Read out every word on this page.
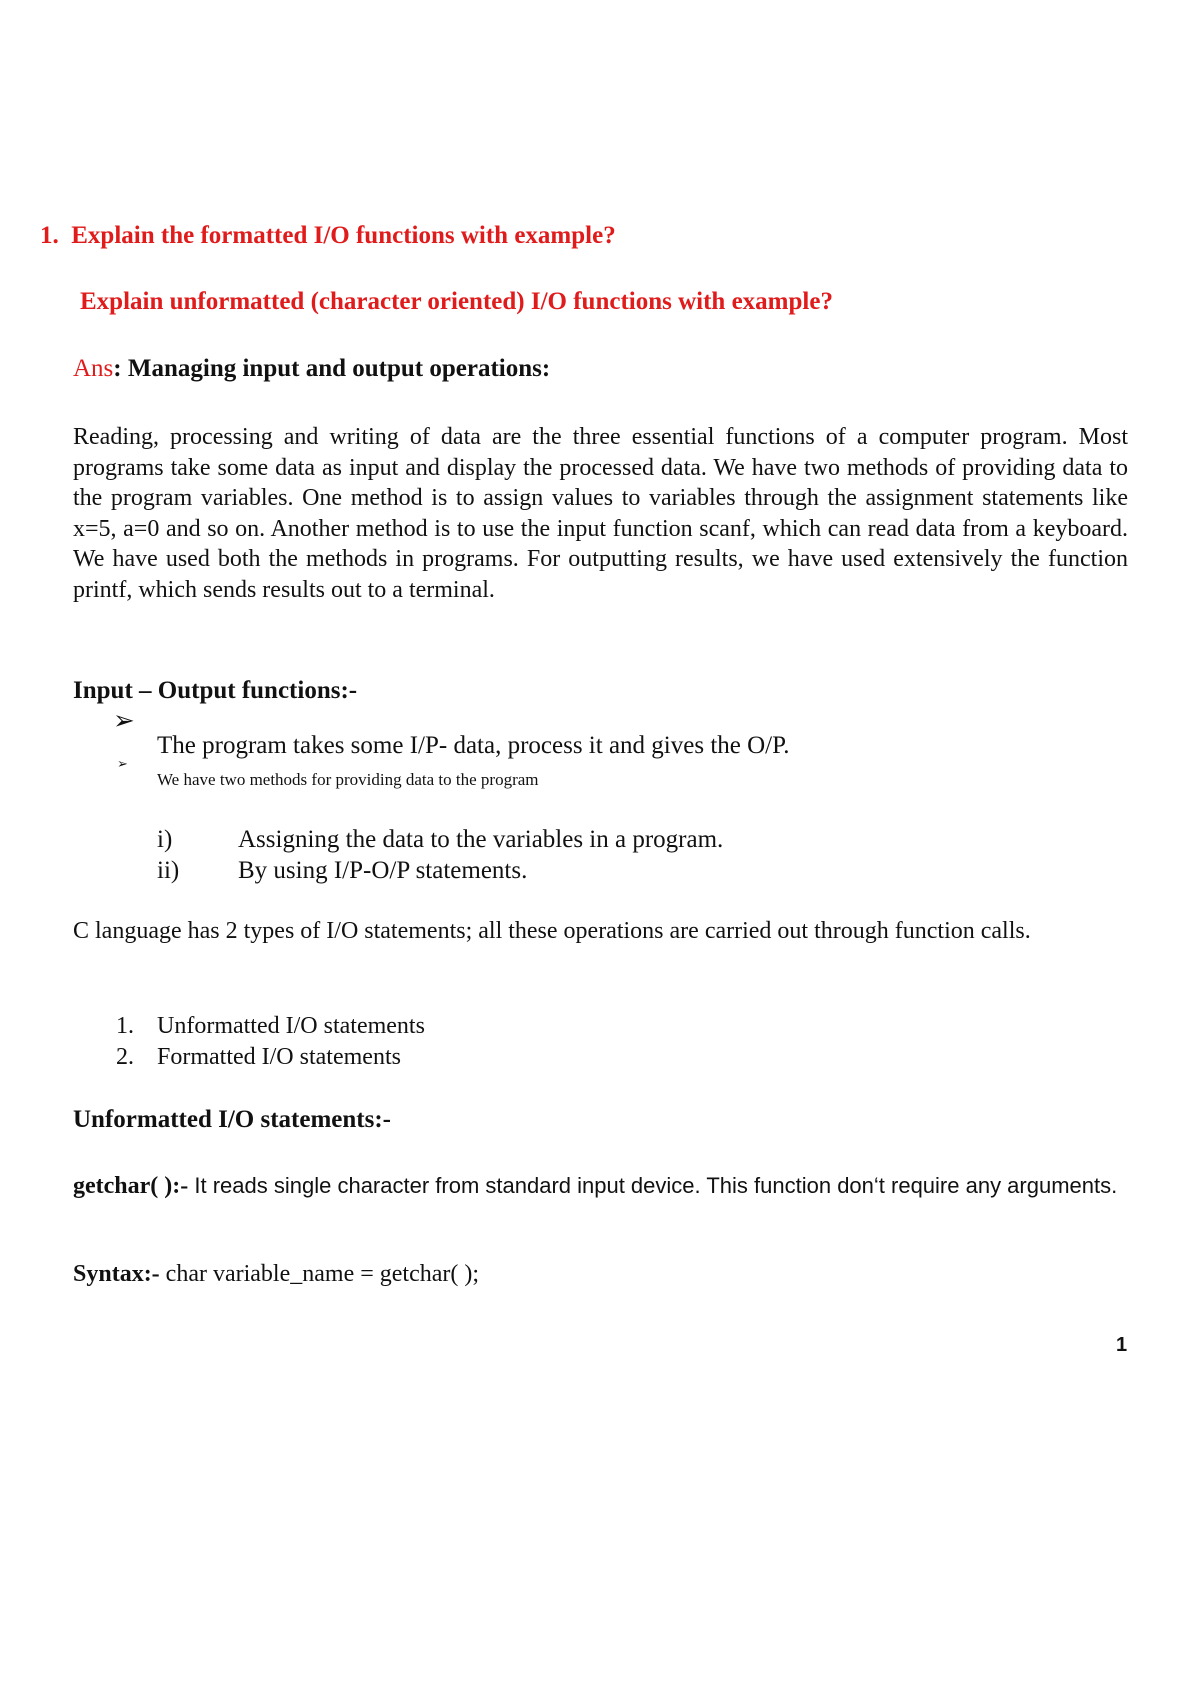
1. Explain the formatted I/O functions with example?
Explain unformatted (character oriented) I/O functions with example?
Ans: Managing input and output operations:

Reading, processing and writing of data are the three essential functions of a computer program. Most programs take some data as input and display the processed data. We have two methods of providing data to the program variables. One method is to assign values to variables through the assignment statements like x=5, a=0 and so on. Another method is to use the input function scanf, which can read data from a keyboard. We have used both the methods in programs. For outputting results, we have used extensively the function printf, which sends results out to a terminal.

Input – Output functions:-
➢
The program takes some I/P- data, process it and gives the O/P.
➢
We have two methods for providing data to the program
i)	Assigning the data to the variables in a program.
ii) By using I/P-O/P statements.

C language has 2 types of I/O statements; all these operations are carried out through function calls.

1. Unformatted I/O statements
2. Formatted I/O statements
Unformatted I/O statements:-

getchar( ):- It reads single character from standard input device. This function don‘t require any arguments.

Syntax:- char variable_name = getchar( );
1
